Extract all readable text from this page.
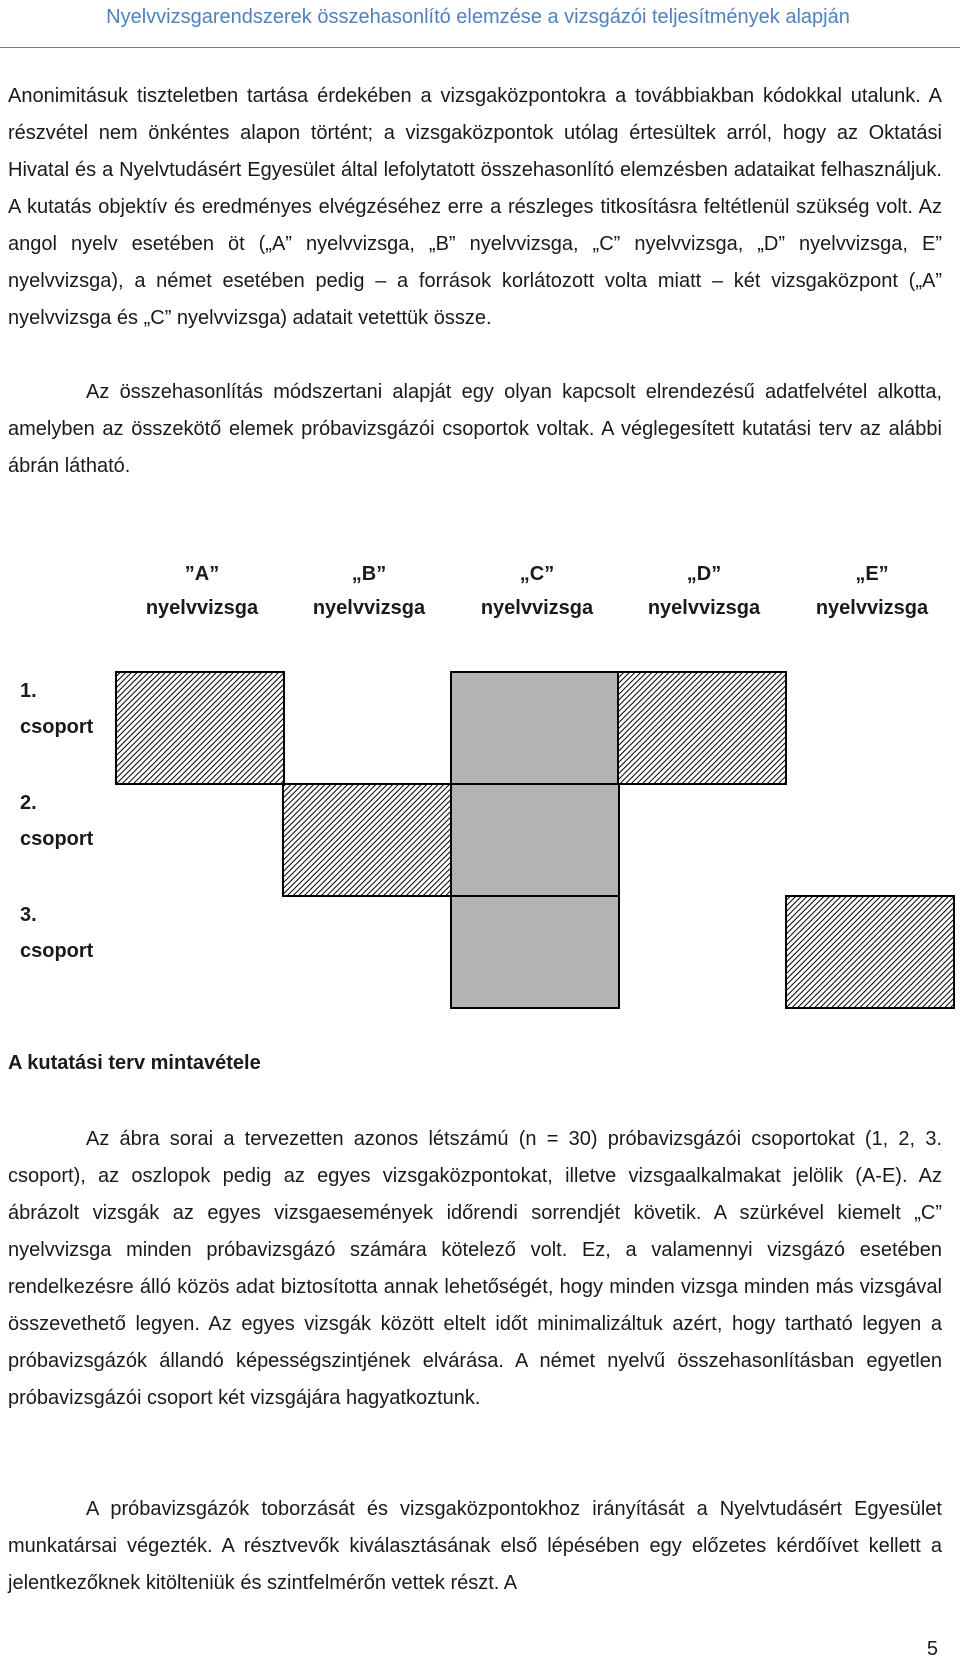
Nyelvvizsgarendszerek összehasonlító elemzése a vizsgázói teljesítmények alapján

Anonimitásuk tiszteletben tartása érdekében a vizsgaközpontokra a továbbiakban kódokkal utalunk. A részvétel nem önkéntes alapon történt; a vizsgaközpontok utólag értesültek arról, hogy az Oktatási Hivatal és a Nyelvtudásért Egyesület által lefolytatott összehasonlító elemzésben adataikat felhasználjuk. A kutatás objektív és eredményes elvégzéséhez erre a részleges titkosításra feltétlenül szükség volt. Az angol nyelv esetében öt („A” nyelvvizsga, „B” nyelvvizsga, „C” nyelvvizsga, „D” nyelvvizsga, E” nyelvvizsga), a német esetében pedig – a források korlátozott volta miatt – két vizsgaközpont („A” nyelvvizsga és „C” nyelvvizsga) adatait vetettük össze.

Az összehasonlítás módszertani alapját egy olyan kapcsolt elrendezésű adatfelvétel alkotta, amelyben az összekötő elemek próbavizsgázói csoportok voltak. A véglegesített kutatási terv az alábbi ábrán látható.

”A”
nyelvvizsga
„B”
nyelvvizsga
„C”
nyelvvizsga
„D”
nyelvvizsga
„E”
nyelvvizsga
1.
csoport
2.
csoport
3.
csoport
A kutatási terv mintavétele

Az ábra sorai a tervezetten azonos létszámú (n = 30) próbavizsgázói csoportokat (1, 2, 3. csoport), az oszlopok pedig az egyes vizsgaközpontokat, illetve vizsgaalkalmakat jelölik (A-E). Az ábrázolt vizsgák az egyes vizsgaesemények időrendi sorrendjét követik. A szürkével kiemelt „C” nyelvvizsga minden próbavizsgázó számára kötelező volt. Ez, a valamennyi vizsgázó esetében rendelkezésre álló közös adat biztosította annak lehetőségét, hogy minden vizsga minden más vizsgával összevethető legyen. Az egyes vizsgák között eltelt időt minimalizáltuk azért, hogy tartható legyen a próbavizsgázók állandó képességszintjének elvárása. A német nyelvű összehasonlításban egyetlen próbavizsgázói csoport két vizsgájára hagyatkoztunk.

A próbavizsgázók toborzását és vizsgaközpontokhoz irányítását a Nyelvtudásért Egyesület munkatársai végezték. A résztvevők kiválasztásának első lépésében egy előzetes kérdőívet kellett a jelentkezőknek kitölteniük és szintfelmérőn vettek részt. A

5
